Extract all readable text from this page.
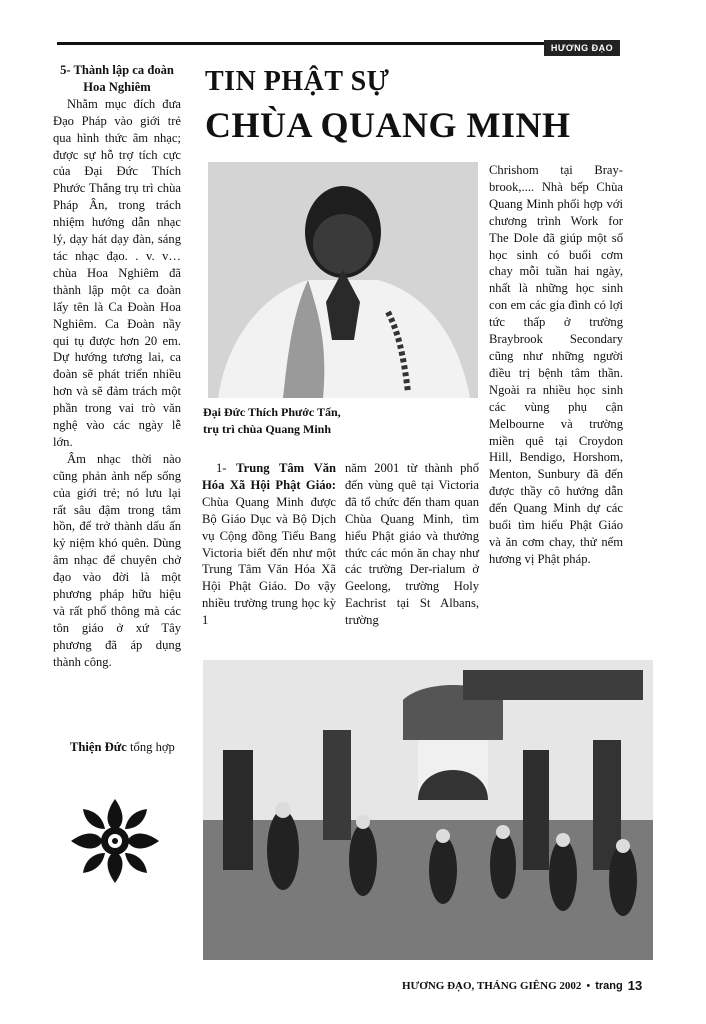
HƯƠNG ĐẠO
TIN PHẬT SỰ
CHÙA QUANG MINH

5- Thành lập ca đoàn Hoa Nghiêm

Nhằm mục đích đưa Đạo Pháp vào giới trẻ qua hình thức âm nhạc; được sự hỗ trợ tích cực của Đại Đức Thích Phước Thắng trụ trì chùa Pháp Ân, trong trách nhiệm hướng dẫn nhạc lý, dạy hát dạy đàn, sáng tác nhạc đạo. . v. v… chùa Hoa Nghiêm đã thành lập một ca đoàn lấy tên là Ca Đoàn Hoa Nghiêm. Ca Đoàn nầy qui tụ được hơn 20 em. Dự hướng tương lai, ca đoàn sẽ phát triển nhiều hơn và sẽ đảm trách một phần trong vai trò văn nghệ vào các ngày lễ lớn.

Âm nhạc thời nào cũng phản ảnh nếp sống của giới trẻ; nó lưu lại rất sâu đậm trong tâm hồn, để trở thành dấu ấn kỷ niệm khó quên. Dùng âm nhạc để chuyên chở đạo vào đời là một phương pháp hữu hiệu và rất phổ thông mà các tôn giáo ở xứ Tây phương đã áp dụng thành công.

Thiện Đức tổng hợp
Đại Đức Thích Phước Tấn,
trụ trì chùa Quang Minh

1- Trung Tâm Văn Hóa Xã Hội Phật Giáo: Chùa Quang Minh được Bộ Giáo Dục và Bộ Dịch vụ Cộng đồng Tiểu Bang Victoria biết đến như một Trung Tâm Văn Hóa Xã Hội Phật Giáo. Do vậy nhiều trường trung học kỳ 1

năm 2001 từ thành phố đến vùng quê tại Victoria đã tổ chức đến tham quan Chùa Quang Minh, tìm hiểu Phật giáo và thưởng thức các món ăn chay như các trường Der-rialum ở Geelong, trường Holy Eachrist tại St Albans, trường

Chrishom tại Bray-brook,.... Nhà bếp Chùa Quang Minh phối hợp với chương trình Work for The Dole đã giúp một số học sinh có buổi cơm chay mỗi tuần hai ngày, nhất là những học sinh con em các gia đình có lợi tức thấp ở trường Braybrook Secondary cũng như những người điều trị bệnh tâm thần. Ngoài ra nhiều học sinh các vùng phụ cận Melbourne và trường miền quê tại Croydon Hill, Bendigo, Horshom, Menton, Sunbury đã đến được thầy cô hướng dẫn đến Quang Minh dự các buổi tìm hiểu Phật Giáo và ăn cơm chay, thử nếm hương vị Phật pháp.

HƯƠNG ĐẠO, THÁNG GIÊNG 2002 • trang 13
